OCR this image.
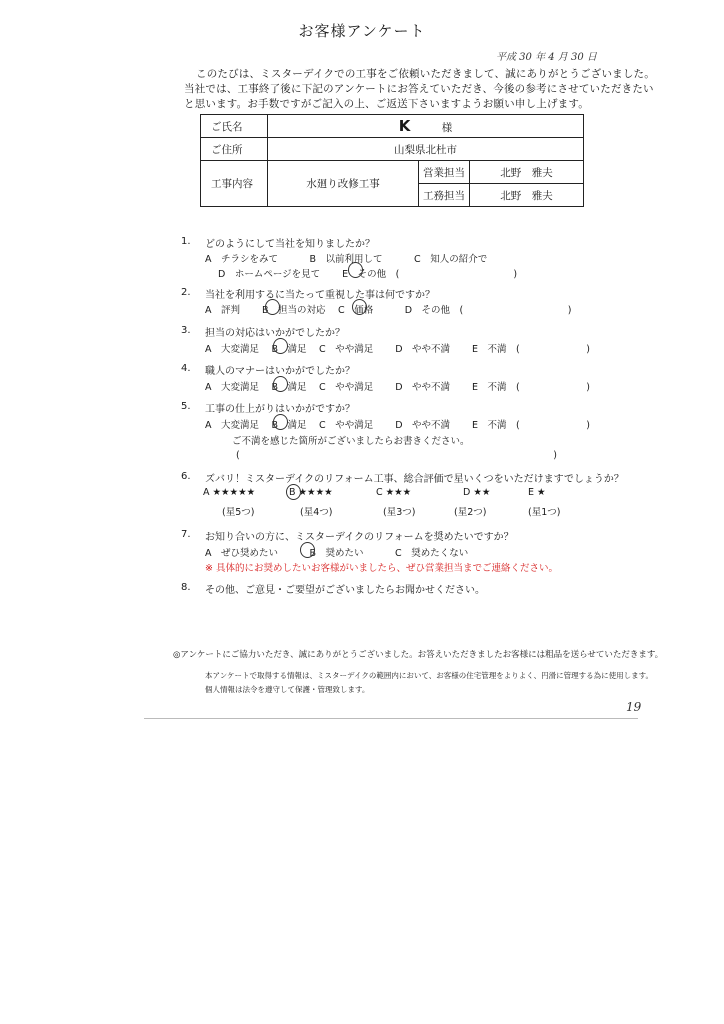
お客様アンケート
平成 30 年 4 月 30 日
このたびは、ミスターデイクでの工事をご依頼いただきまして、誠にありがとうございました。
当社では、工事終了後に下記のアンケートにお答えていただき、今後の参考にさせていただきたい
と思います。お手数ですがご記入の上、ご返送下さいますようお願い申し上げます。
ご氏名	K 様		
ご住所	山梨県北杜市		
工事内容	水廻り改修工事	営業担当	北野　雅夫
		工務担当	北野　雅夫
1. どのようにして当社を知りましたか？
A　チラシをみて　　　 B　以前利用して　　　 C　知人の紹介で
D　ホームページを見て　　 E　その他　(　　　　　　　　　　　　)
2. 当社を利用するに当たって重視した事は何ですか？
A　評判　　 B　担当の対応　 C　価格　　　 D　その他　(　　　　　　　　　　　)
3. 担当の対応はいかがでしたか？
A　大変満足　 B　満足　 C　やや満足　　 D　やや不満　　 E　不満　(　　　　　　　)
4. 職人のマナーはいかがでしたか？
A　大変満足　 B　満足　 C　やや満足　　 D　やや不満　　 E　不満　(　　　　　　　)
5. 工事の仕上がりはいかがですか？
A　大変満足　 B　満足　 C　やや満足　　 D　やや不満　　 E　不満　(　　　　　　　)
ご不満を感じた箇所がございましたらお書きください。
(　　　　　　　　　　　　　　　　　　　　　　　　　　　　　　　　　)
6. ズバリ！ミスターデイクのリフォーム工事、総合評価で星いくつをいただけますでしょうか？
A ★★★★★	B ★★★★	C ★★★	D ★★	E ★
(星5つ)	(星4つ)	(星3つ)	(星2つ)	(星1つ)
7. お知り合いの方に、ミスターデイクのリフォームを奨めたいですか？
A　ぜひ奨めたい　　　 B　奨めたい　　　 C　奨めたくない
※ 具体的にお奨めしたいお客様がいましたら、ぜひ営業担当までご連絡ください。
8. その他、ご意見・ご要望がございましたらお聞かせください。
◎アンケートにご協力いただき、誠にありがとうございました。お答えいただきましたお客様には粗品を送らせていただきます。
本アンケートで取得する情報は、ミスターデイクの範囲内において、お客様の住宅管理をよりよく、円滑に管理する為に使用します。
個人情報は法令を遵守して保護・管理致します。
19
